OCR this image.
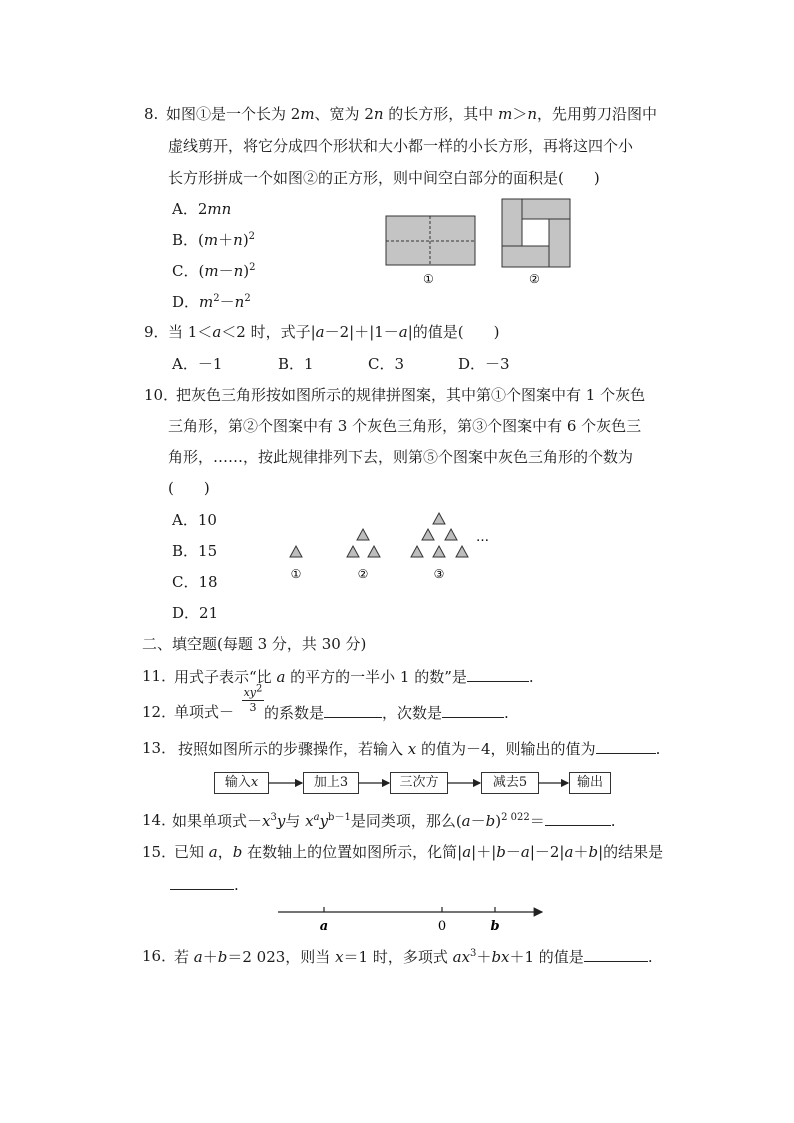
8. 如图①是一个长为 2m、宽为 2n 的长方形，其中 m＞n，先用剪刀沿图中
虚线剪开，将它分成四个形状和大小都一样的小长方形，再将这四个小
长方形拼成一个如图②的正方形，则中间空白部分的面积是(　　)
A．2mn
B．$(m+n)^2$
C．$(m-n)^2$
D．$m^2-n^2$
①	②
9． 当 1＜a＜2 时，式子|a－2|＋|1－a|的值是(　　)
A．－1	B．1	C．3	D．－3
10．
把灰色三角形按如图所示的规律拼图案，其中第①个图案中有 1 个灰色
三角形，第②个图案中有 3 个灰色三角形，第③个图案中有 6 个灰色三
角形，……，按此规律排列下去，则第⑤个图案中灰色三角形的个数为
(　　)
A．10
B．15
C．18
D．21
…
①	②	③
二、填空题(每题 3 分，共 30 分)
11．
用式子表示“比 a 的平方的一半小 1 的数”是	.
12．
单项式－
$xy^2$
3 的系数是	，次数是	.
13． 按照如图所示的步骤操作，若输入 x 的值为－4，则输出的值为	.
输入x	加上3	三次方	减去5	输出
14．
如果单项式$-x^3y$与 $x^ay^{b-1}$是同类项，那么$(a-b)^{2 022}=$	.
15．
已知 a，b 在数轴上的位置如图所示，化简|a|＋|b－a|－2|a＋b|的结果是
.
a	0	b
16．
若 a＋b＝2 023，则当 x＝1 时，多项式 $ax^3+bx+1$ 的值是	.
